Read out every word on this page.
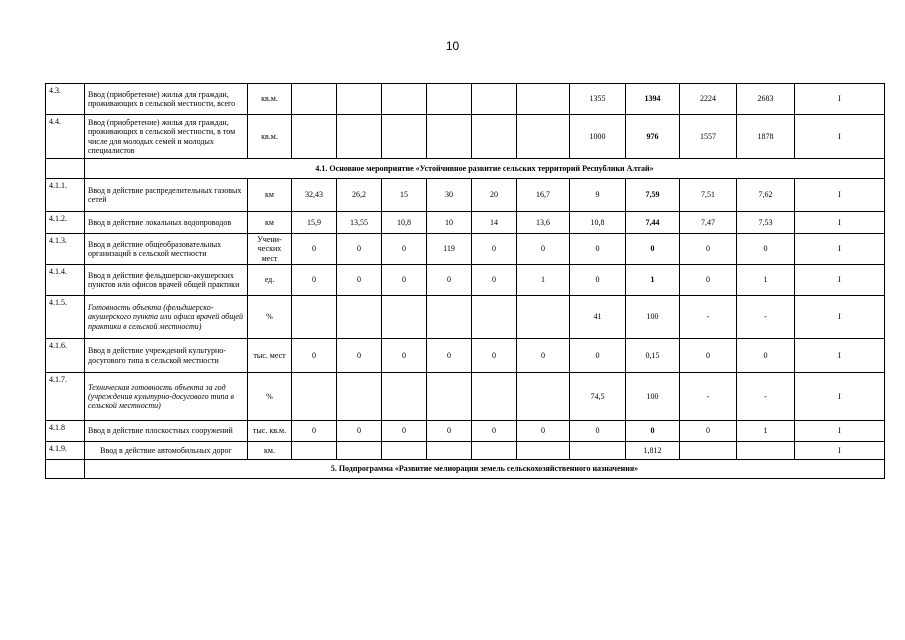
10
4.3.	Ввод (приобретение) жилья для граждан, проживающих в сельской местности, всего	кв.м.							1355	1394	2224	2683	I
4.4.	Ввод (приобретение) жилья для граждан, проживающих в сельской местности, в том числе для молодых семей и молодых специалистов	кв.м.							1000	976	1557	1878	I
	4.1. Основное мероприятие «Устойчивное развитие сельских территорий Республики Алтай»												
4.1.1.	Ввод в действие распределительных газовых сетей	км	32,43	26,2	15	30	20	16,7	9	7,59	7,51	7,62	I
4.1.2.	Ввод в действие локальных водопроводов	км	15,9	13,55	10,8	10	14	13,6	10,8	7,44	7,47	7,53	I
4.1.3.	Ввод в действие общеобразовательных организаций в сельской местности	Учени-ческих мест	0	0	0	119	0	0	0	0	0	0	I
4.1.4.	Ввод в действие фельдшерско-акушерских пунктов или офисов врачей общей практики	ед.	0	0	0	0	0	1	0	1	0	1	I
4.1.5.	Готовность объекта (фельдшерско-акушерского пункта или офиса врачей общей практики в сельской местности)	%							41	100	-	-	I
4.1.6.	Ввод в действие учреждений культурно-досугового типа в сельской местности	тыс. мест	0	0	0	0	0	0	0	0,15	0	0	I
4.1.7.	Техническая готовность объекта за год (учреждения культурно-досугового типа в сельской местности)	%							74,5	100	-	-	I
4.1.8	Ввод в действие плоскостных сооружений	тыс. кв.м.	0	0	0	0	0	0	0	0	0	1	I
4.1.9.	Ввод в действие автомобильных дорог	км.								1,812			I
	5. Подпрограмма «Развитие мелиорации земель сельскохозяйственного назначения»												
